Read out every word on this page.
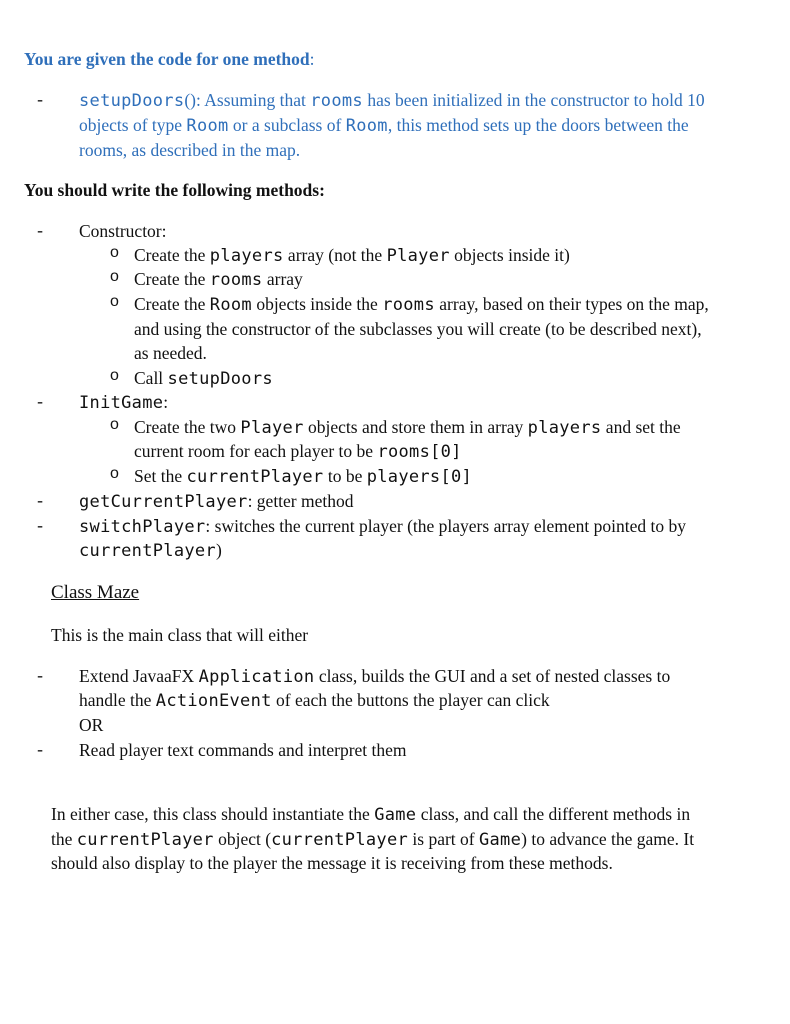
You are given the code for one method:
- setupDoors(): Assuming that rooms has been initialized in the constructor to hold 10
objects of type Room or a subclass of Room, this method sets up the doors between the
rooms, as described in the map.
You should write the following methods:
- Constructor:
o Create the players array (not the Player objects inside it)
o Create the rooms array
o Create the Room objects inside the rooms array, based on their types on the map,
and using the constructor of the subclasses you will create (to be described next),
as needed.
o Call setupDoors
- InitGame:
o Create the two Player objects and store them in array players and set the
current room for each player to be rooms[0]
o Set the currentPlayer to be players[0]
- getCurrentPlayer: getter method
- switchPlayer: switches the current player (the players array element pointed to by
currentPlayer)
Class Maze
This is the main class that will either
- Extend JavaaFX Application class, builds the GUI and a set of nested classes to
handle the ActionEvent of each the buttons the player can click
OR
- Read player text commands and interpret them
In either case, this class should instantiate the Game class, and call the different methods in
the currentPlayer object (currentPlayer is part of Game) to advance the game. It
should also display to the player the message it is receiving from these methods.
